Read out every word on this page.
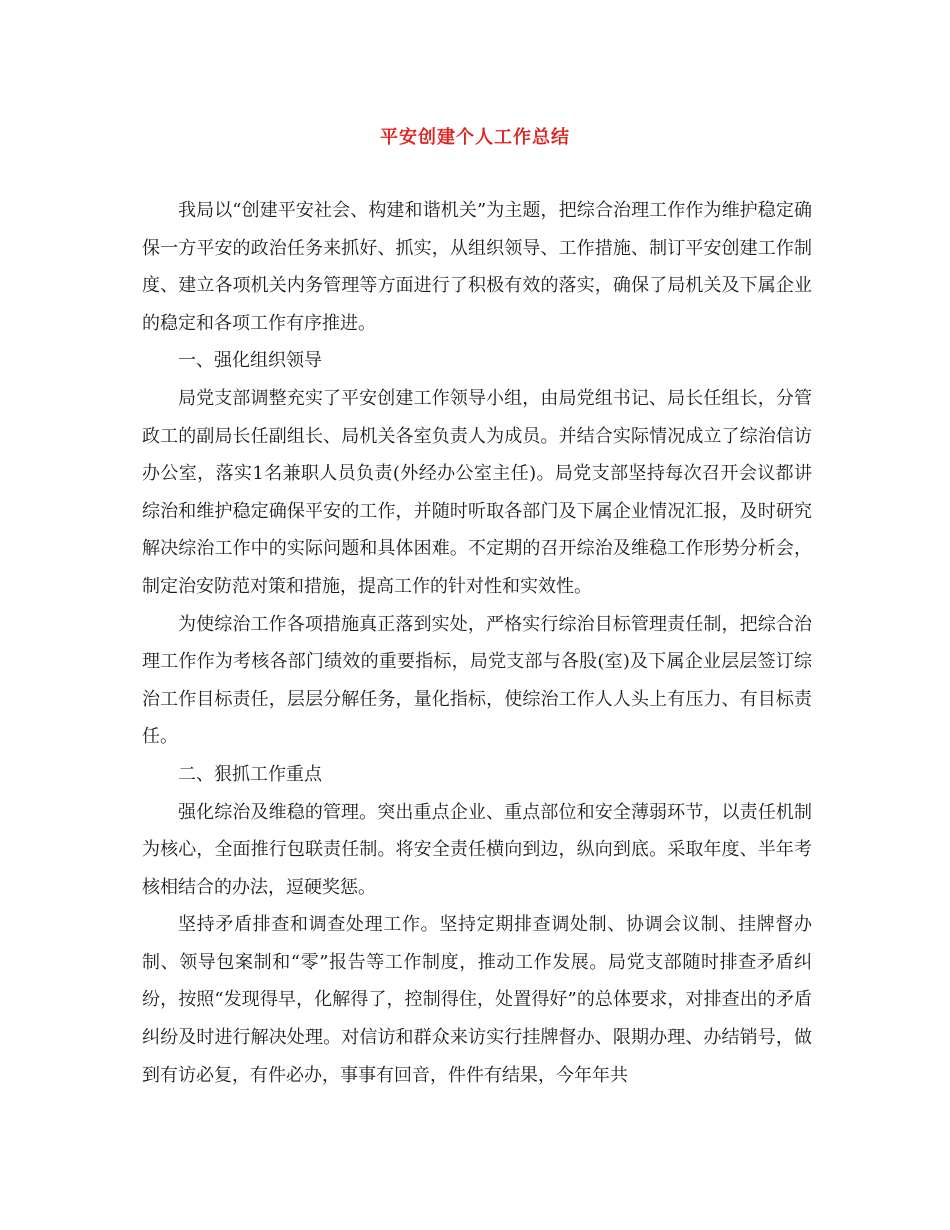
平安创建个人工作总结

我局以“创建平安社会、构建和谐机关”为主题，把综合治理工作作为维护稳定确保一方平安的政治任务来抓好、抓实，从组织领导、工作措施、制订平安创建工作制度、建立各项机关内务管理等方面进行了积极有效的落实，确保了局机关及下属企业的稳定和各项工作有序推进。

一、强化组织领导

局党支部调整充实了平安创建工作领导小组，由局党组书记、局长任组长，分管政工的副局长任副组长、局机关各室负责人为成员。并结合实际情况成立了综治信访办公室，落实1名兼职人员负责(外经办公室主任)。局党支部坚持每次召开会议都讲综治和维护稳定确保平安的工作，并随时听取各部门及下属企业情况汇报，及时研究解决综治工作中的实际问题和具体困难。不定期的召开综治及维稳工作形势分析会，制定治安防范对策和措施，提高工作的针对性和实效性。

为使综治工作各项措施真正落到实处，严格实行综治目标管理责任制，把综合治理工作作为考核各部门绩效的重要指标，局党支部与各股(室)及下属企业层层签订综治工作目标责任，层层分解任务，量化指标，使综治工作人人头上有压力、有目标责任。

二、狠抓工作重点

强化综治及维稳的管理。突出重点企业、重点部位和安全薄弱环节，以责任机制为核心，全面推行包联责任制。将安全责任横向到边，纵向到底。采取年度、半年考核相结合的办法，逗硬奖惩。

坚持矛盾排查和调查处理工作。坚持定期排查调处制、协调会议制、挂牌督办制、领导包案制和“零”报告等工作制度，推动工作发展。局党支部随时排查矛盾纠纷，按照“发现得早，化解得了，控制得住，处置得好”的总体要求，对排查出的矛盾纠纷及时进行解决处理。对信访和群众来访实行挂牌督办、限期办理、办结销号，做到有访必复，有件必办，事事有回音，件件有结果，今年年共
